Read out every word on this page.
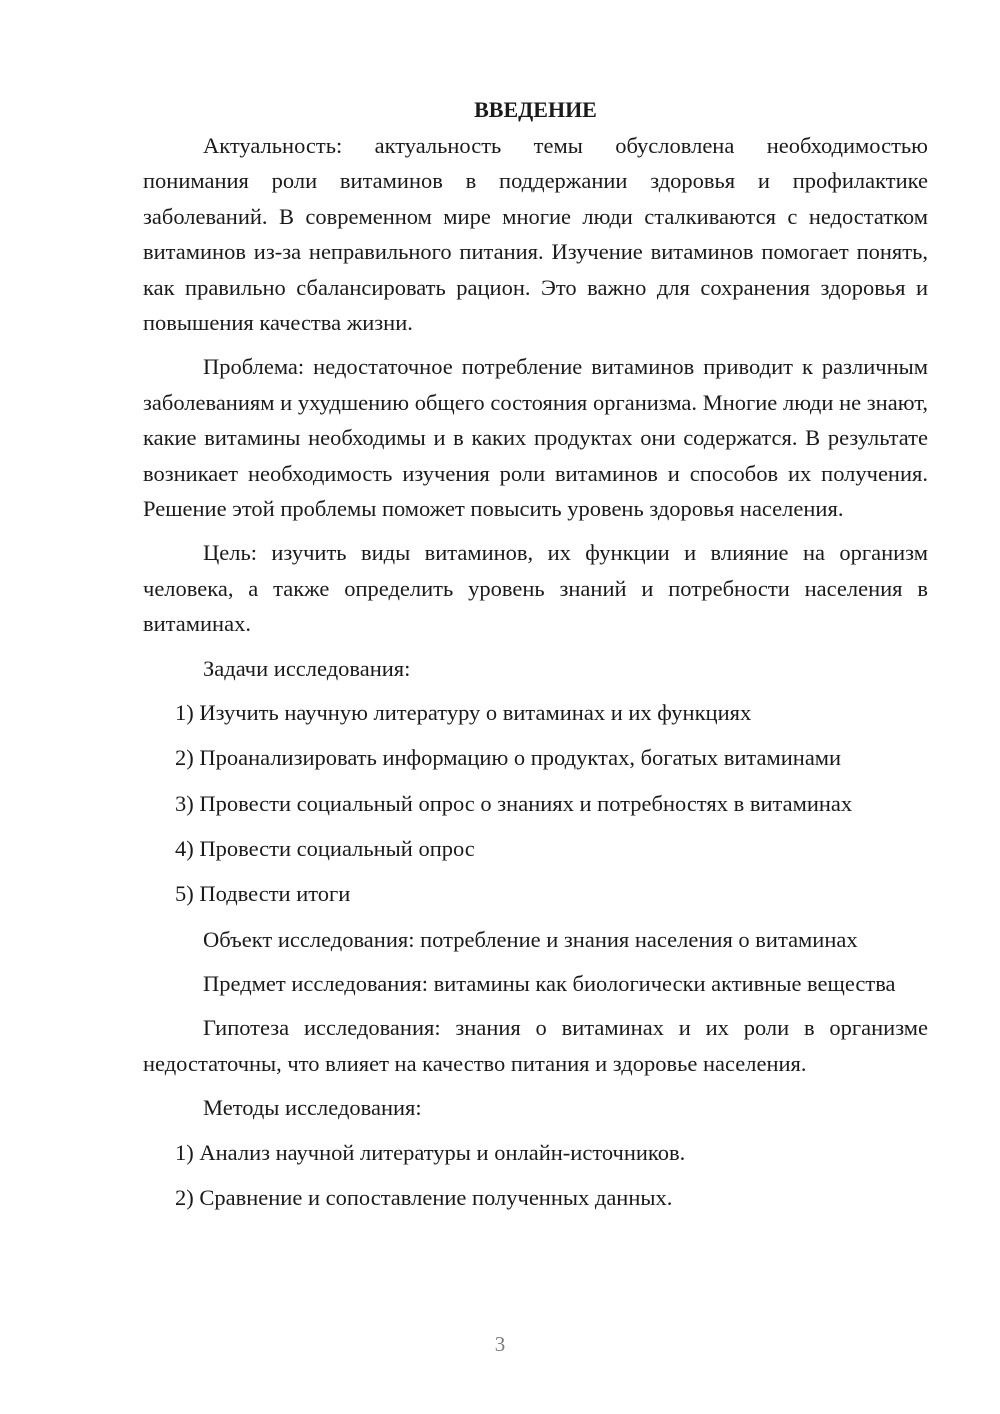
ВВЕДЕНИЕ

Актуальность: актуальность темы обусловлена необходимостью понимания роли витаминов в поддержании здоровья и профилактике заболеваний. В современном мире многие люди сталкиваются с недостатком витаминов из-за неправильного питания. Изучение витаминов помогает понять, как правильно сбалансировать рацион. Это важно для сохранения здоровья и повышения качества жизни.

Проблема: недостаточное потребление витаминов приводит к различным заболеваниям и ухудшению общего состояния организма. Многие люди не знают, какие витамины необходимы и в каких продуктах они содержатся. В результате возникает необходимость изучения роли витаминов и способов их получения. Решение этой проблемы поможет повысить уровень здоровья населения.

Цель: изучить виды витаминов, их функции и влияние на организм человека, а также определить уровень знаний и потребности населения в витаминах.

Задачи исследования:

1) Изучить научную литературу о витаминах и их функциях
2) Проанализировать информацию о продуктах, богатых витаминами
3) Провести социальный опрос о знаниях и потребностях в витаминах
4) Провести социальный опрос
5) Подвести итоги

Объект исследования: потребление и знания населения о витаминах

Предмет исследования: витамины как биологически активные вещества

Гипотеза исследования: знания о витаминах и их роли в организме недостаточны, что влияет на качество питания и здоровье населения.

Методы исследования:

1) Анализ научной литературы и онлайн-источников.
2) Сравнение и сопоставление полученных данных.
3
